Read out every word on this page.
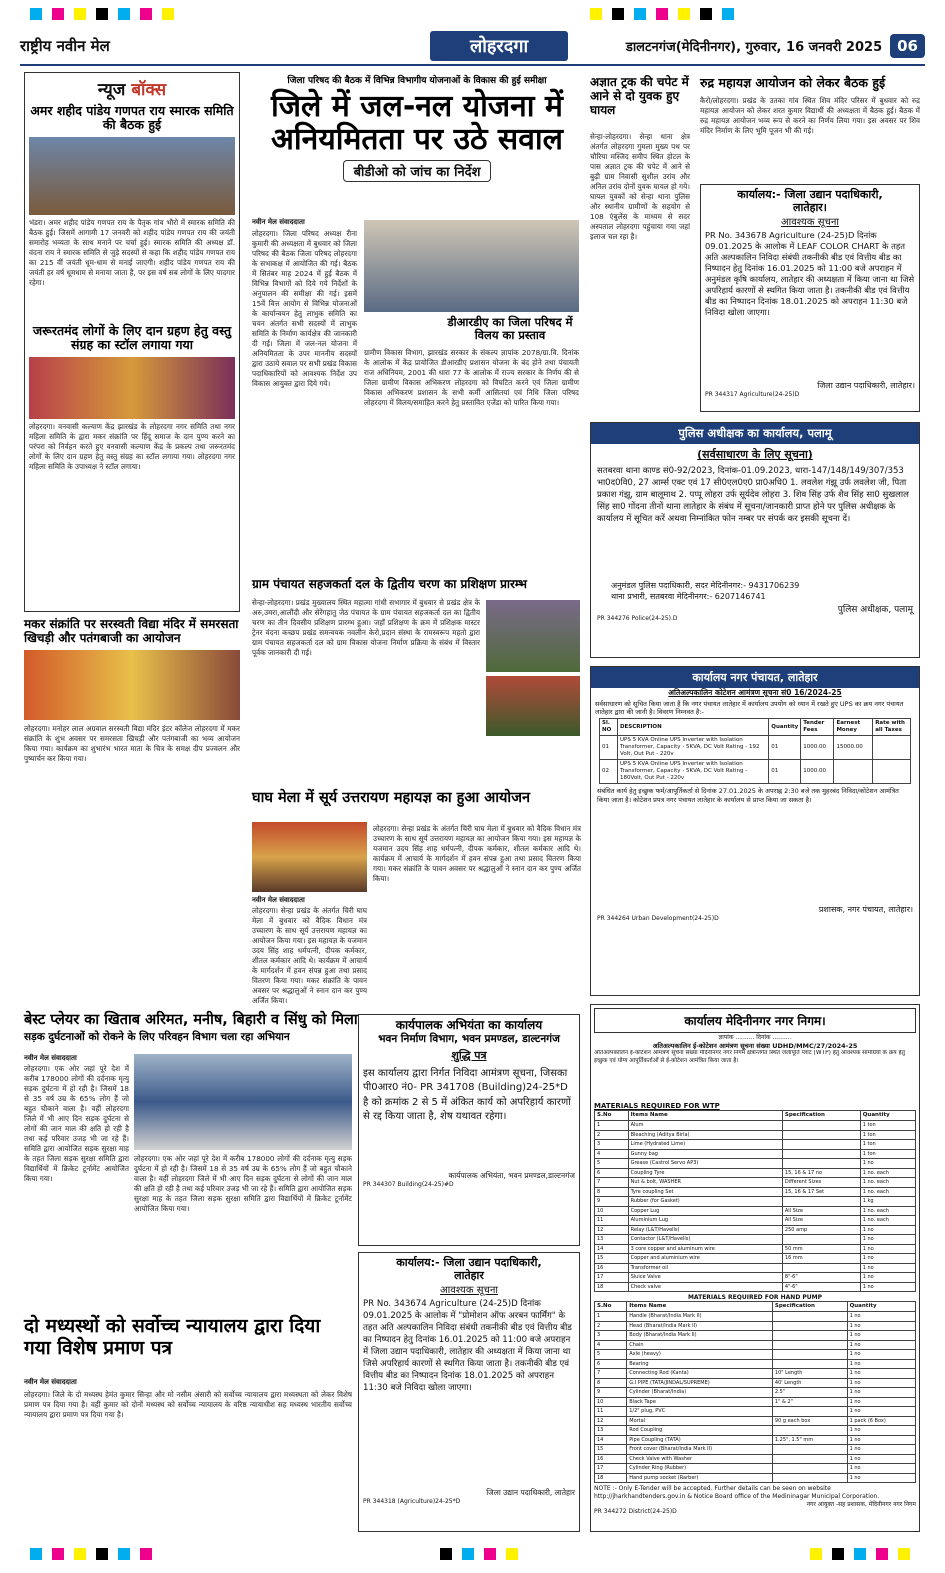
राष्ट्रीय नवीन मेल	लोहरदगा	डालटनगंज(मेदिनीनगर), गुरुवार, 16 जनवरी 2025	06
न्यूज बॉक्स
अमर शहीद पांडेय गणपत राय स्मारक समिति की बैठक हुई
भंडरा। अमर शहीद पांडेय गणपत राय के पैतृक गांव भौरो में स्मारक समिति की बैठक हुई। जिसमें आगामी 17 जनवरी को शहीद पांडेय गणपत राय की जयंती समारोह भव्यता के साथ मनाने पर चर्चा हुई। स्मारक समिति की अध्यक्ष डॉ. वंदना राय ने स्मारक समिति से जुड़े सदस्यों से कहा कि शहीद पांडेय गणपत राय का 215 वीं जयंती धूम-धाम से मनाई जाएगी। शहीद पांडेय गणपत राय की जयंती हर वर्ष धूमधाम से मनाया जाता है, पर इस वर्ष सब लोगों के लिए यादगार रहेगा।
जरूरतमंद लोगों के लिए दान ग्रहण हेतु वस्तु संग्रह का स्टॉल लगाया गया
लोहरदगा। वनवासी कल्याण केंद्र झारखंड के लोहरदगा नगर समिति तथा नगर महिला समिति के द्वारा मकर संक्रांति पर हिंदू समाज के दान पुण्य करने का परंपरा को निर्वहन करते हुए वनवासी कल्याण केंद्र के प्रकल्प तथा जरूरतमंद लोगों के लिए दान ग्रहण हेतु वस्तु संग्रह का स्टॉल लगाया गया। लोहरदगा नगर महिला समिति के उपाध्यक्ष ने स्टॉल लगाया।
मकर संक्रांति पर सरस्वती विद्या मंदिर में समरसता खिचड़ी और पतंगबाजी का आयोजन
लोहरदगा। मनोहर लाल अग्रवाल सरस्वती विद्या मंदिर इंटर कॉलेज लोहरदगा में मकर संक्रांति के शुभ अवसर पर समरसता खिचड़ी और पतंगबाजी का भव्य आयोजन किया गया। कार्यक्रम का शुभारंभ भारत माता के चित्र के समक्ष दीप प्रज्वलन और पुष्पार्चन कर किया गया।
जिला परिषद की बैठक में विभिन्न विभागीय योजनाओं के विकास की हुई समीक्षा
जिले में जल-नल योजना में अनियमितता पर उठे सवाल
बीडीओ को जांच का निर्देश
नवीन मेल संवाददाता
लोहरदगा। जिला परिषद अध्यक्ष रीना कुमारी की अध्यक्षता में बुधवार को जिला परिषद की बैठक जिला परिषद लोहरदगा के सभाकक्ष में आयोजित की गई। बैठक में सितंबर माह 2024 में हुई बैठक में विभिन्न विभागों को दिये गये निर्देशों के अनुपालन की समीक्षा की गई। इसमें 15वें वित्त आयोग से विभिन्न योजनाओं के कार्यान्वयन हेतु लाभुक समिति का चयन अंतर्गत सभी सदस्यों में लाभुक समिति के निर्माण कार्यक्षेत्र की जानकारी दी गई। जिला में जल-नल योजना में अनियमितता के उपर माननीय सदस्यों द्वारा उठाये सवाल पर सभी प्रखंड विकास पदाधिकारियों को आवश्यक निर्देश उप विकास आयुक्त द्वारा दिये गये।
डीआरडीए का जिला परिषद में विलय का प्रस्ताव
ग्रामीण विकास विभाग, झारखंड सरकार के संकल्प ज्ञापांक 2078/ग्रा.वि. दिनांक के आलोक में केंद्र प्रायोजित डीआरडीए प्रशासन योजना के बंद होने तथा पंचायती राज अधिनियम, 2001 की धारा 77 के आलोक में राज्य सरकार के निर्णय की से जिला ग्रामीण विकास अभिकरण लोहरदगा को विघटित करने एवं जिला ग्रामीण विकास अभिकरण प्रशासन के सभी कर्मी आसितयां एवं निधि जिला परिषद लोहरदगा में विलय/समाहित करने हेतु प्रस्तावित एजेंडा को पारित किया गया।
ग्राम पंचायत सहजकर्ता दल के द्वितीय चरण का प्रशिक्षण प्रारम्भ
सेन्हा-लोहरदगा। प्रखंड मुख्यालय स्थित महात्मा गांधी सभागार में बुधवार से प्रखंड क्षेत्र के अरु,उमरा,आलौंदी और सेरेंगहातु जेठ पंचायत के ग्राम पंचायत सहजकर्ता दल का द्वितीय चरण का तीन दिवसीय प्रशिक्षण प्रारम्भ हुआ। जहाँ प्रशिक्षण के क्रम में प्रशिक्षक मास्टर ट्रेनर वंदना कच्छप प्रखंड समन्वयक नवलीन केरो,प्रदान संस्था के रामस्वरूप महतो द्वारा ग्राम पंचायत सहजकर्ता दल को ग्राम विकास योजना निर्माण प्रक्रिया के संबंध में विस्तार पूर्वक जानकारी दी गई।
घाघ मेला में सूर्य उत्तरायण महायज्ञ का हुआ आयोजन
नवीन मेल संवाददाता
लोहरदगा। सेन्हा प्रखंड के अंतर्गत चिरी घाघ मेला में बुधवार को वैदिक विधान मंत्र उच्चारण के साथ सूर्य उत्तरायण महायज्ञ का आयोजन किया गया। इस महायज्ञ के यजमान उदय सिंह शाह धर्मपत्नी, दीपक कर्मकार, शीतल कर्मकार आदि थे। कार्यक्रम में आचार्य के मार्गदर्शन में हवन संपन्न हुआ तथा प्रसाद वितरण किया गया। मकर संक्रांति के पावन अवसर पर श्रद्धालुओं ने स्नान दान कर पुण्य अर्जित किया।
लोहरदगा। सेन्हा प्रखंड के अंतर्गत चिरी घाघ मेला में बुधवार को वैदिक विधान मंत्र उच्चारण के साथ सूर्य उत्तरायण महायज्ञ का आयोजन किया गया। इस महायज्ञ के यजमान उदय सिंह शाह धर्मपत्नी, दीपक कर्मकार, शीतल कर्मकार आदि थे। कार्यक्रम में आचार्य के मार्गदर्शन में हवन संपन्न हुआ तथा प्रसाद वितरण किया गया। मकर संक्रांति के पावन अवसर पर श्रद्धालुओं ने स्नान दान कर पुण्य अर्जित किया।
अज्ञात ट्रक की चपेट में आने से दो युवक हुए घायल
सेन्हा-लोहरदगा। सेन्हा थाना क्षेत्र अंतर्गत लोहरदगा गुमला मुख्य पथ पर चौरिया मस्जिद समीप स्थित होटल के पास अज्ञात ट्रक की चपेट में आने से बुढ़ी ग्राम निवासी सुशील उरांव और अनिल उरांव दोनों युवक घायल हो गये। घायल युवकों को सेन्हा थाना पुलिस और स्थानीय ग्रामीणों के सहयोग से 108 एंबुलेंस के माध्यम से सदर अस्पताल लोहरदगा पहुंचाया गया जहां इलाज चल रहा है।
रुद्र महायज्ञ आयोजन को लेकर बैठक हुई
कैरो/लोहरदगा। प्रखंड के उतका गांव स्थित शिव मंदिर परिसर में बुधवार को रुद्र महायज्ञ आयोजन को लेकर शरत कुमार विद्यार्थी की अध्यक्षता में बैठक हुई। बैठक में रुद्र महायज्ञ आयोजन भव्य रूप से करने का निर्णय लिया गया। इस अवसर पर शिव मंदिर निर्माण के लिए भूमि पूजन भी की गई।
कार्यालय:- जिला उद्यान पदाधिकारी,
लातेहार।
आवश्यक सूचना
PR No. 343678 Agriculture (24-25)D दिनांक 09.01.2025 के आलोक में LEAF COLOR CHART के तहत अति अल्पकालिन निविदा संबंधी तकनीकी बीड एवं वित्तीय बीड का निष्पादन हेतु दिनांक 16.01.2025 को 11:00 बजे अपराहन में अनुमंडल कृषि कार्यालय, लातेहार की अध्यक्षता में किया जाना था जिसे अपरिहार्य कारणों से स्थगित किया जाता है। तकनीकी बीड एवं वित्तीय बीड का निष्पादन दिनांक 18.01.2025 को अपराहन 11:30 बजे निविदा खोला जाएगा।
जिला उद्यान पदाधिकारी, लातेहार।
PR 344317 Agriculture(24-25)D
पुलिस अधीक्षक का कार्यालय, पलामू
(सर्वसाधारण के लिए सूचना)
सतबरवा थाना काण्ड सं0-92/2023, दिनांक-01.09.2023, धारा-147/148/149/307/353 भा0द0वि0, 27 आर्म्स एक्ट एवं 17 सी0एल0ए0 प्रा0अधि0 1. लवलेश गंझू उर्फ लवलेश जी, पिता प्रकाश गंझू, ग्राम बालूमाथ 2. पप्पू लोहरा उर्फ सूर्यदेव लोहरा 3. शिव सिंह उर्फ शैव सिंह सा0 सुखलाल सिंह सा0 गोंदना तीनों थाना लातेहार के संबंध में सूचना/जानकारी प्राप्त होने पर पुलिस अधीक्षक के कार्यालय में सूचित करें अथवा निम्नांकित फोन नम्बर पर संपर्क कर इसकी सूचना दें।
अनुमंडल पुलिस पदाधिकारी, सदर मेदिनीनगर:- 9431706239
थाना प्रभारी, सतबरवा मेदिनीनगर:- 6207146741
पुलिस अधीक्षक, पलामू
PR 344276 Police(24-25).D
कार्यालय नगर पंचायत, लातेहार
अतिअल्पकालिन कोटेशन आमंत्रण सूचना सं0 16/2024-25
सर्वसाधारण को सूचित किया जाता है कि नगर पंचायत लातेहार में कार्यालय उपयोग को ध्यान में रखते हुए UPS का क्रय नगर पंचायत लातेहार द्वारा की जानी है। विवरण निम्नवत है:-
Sl. NO	DESCRIPTION	Quantity	Tender Fees	Earnest Money	Rate with all Taxes
01	UPS 5 KVA Online UPS Inverter with Isolation Transformer, Capacity - 5KVA, DC Volt Rating - 192 Volt, Out Put - 220v	01	1000.00	15000.00	
02	UPS 5 KVA Online UPS Inverter with Isolation Transformer, Capacity - 5KVA, DC Volt Rating - 180Volt, Out Put - 220v	01	1000.00		
संबंधित कार्य हेतु इच्छुक फर्म/आपूर्तिकर्ता से दिनांक 27.01.2025 के अपराह्न 2:30 बजे तक मुहरबंद निविदा/कोटेशन आमंत्रित किया जाता है। कोटेशन प्रपत्र नगर पंचायत लातेहार के कार्यालय से प्राप्त किया जा सकता है।
प्रशासक, नगर पंचायत, लातेहार।
PR 344264 Urban Development(24-25)D
कार्यालय मेदिनीनगर नगर निगम।
ज्ञापांक .......... दिनांक ..........
अतिअल्पकालिन ई-कोटेशन आमंत्रण सूचना संख्या UDHD/MMC/27/2024-25
अतिअल्पकालिन ई-कोटेशन आमंत्रण सूचना संख्या मेदिनीनगर नगर निगम क्षेत्रान्तर्गत स्थित जलापूर्ति प्लांट (WTP) हेतु आवश्यक सामग्रियों के क्रय हेतु इच्छुक एवं योग्य आपूर्तिकर्ताओं से ई-कोटेशन आमंत्रित किया जाता है।
MATERIALS REQUIRED FOR WTP
S.No	Items Name	Specification	Quantity
1	Alum		1 ton
2	Bleaching (Aditya Birla)		1 ton
3	Lime (Hydrated Lime)		1 ton
4	Gunny bag		1 ton
5	Grease (Castrol Servo AP3)		1 no
6	Coupling Tyre	15, 16 & 17 no	1 no. each
7	Nut & bolt, WASHER	Different Sizes	1 no. each
8	Tyre coupling Set	15, 16 & 17 Set	1 no. each
9	Rubber (for Gasket)		1 kg
10	Copper Lug	All Size	1 no. each
11	Aluminium Lug	All Size	1 no. each
12	Relay (L&T/Havells)	250 amp	1 no
13	Contactor (L&T/Havells)		1 no
14	3 core copper and aluminum wire	50 mm	1 no
15	Copper and aluminium wire	16 mm	1 no
16	Transformer oil		1 no
17	Sluice Valve	8"-6"	1 no
18	Check valve	4"-6"	1 no
MATERIALS REQUIRED FOR HAND PUMP
S.No	Items Name	Specification	Quantity
1	Handle (Bharat/India Mark II)		1 no
2	Head (Bharat/India Mark II)		1 no
3	Body (Bharat/India Mark II)		1 no
4	Chain		1 no
5	Axle (heavy)		1 no
6	Bearing		1 no
7	Connecting Rod (Kanta)	10" Length	1 no
8	G.I PIPE (TATA/JINDAL/SUPREME)	40' Length	1 no
9	Cylinder (Bharat/India)	2.5"	1 no
10	Black Tape	1" & 2"	1 no
11	1/2" plug, PVC		1 no
12	Mortal	90 g each box	1 pack (6 Box)
13	Rod Coupling		1 no
14	Pipe Coupling (TATA)	1.25", 1.5" mm	1 no
15	Front cover (Bharat/India Mark II)		1 no
16	Check Valve with Washer		1 no
17	Cylinder Ring (Rubber)		1 no
18	Hand pump socket (Rarber)		1 no
NOTE :- Only E-Tender will be accepted. Further details can be seen on website http://jharkhandtenders.gov.in & Notice Board office of the Medininagar Municipal Corporation.
नगर आयुक्त -सह प्रशासक, मेदिनीनगर नगर निगम
PR 344272 District(24-25)D
बेस्ट प्लेयर का खिताब अरिमत, मनीष, बिहारी व सिंधु को मिला
सड़क दुर्घटनाओं को रोकने के लिए परिवहन विभाग चला रहा अभियान
नवीन मेल संवाददाता
लोहरदगा। एक ओर जहां पूरे देश में करीब 178000 लोगों की दर्दनाक मृत्यु सड़क दुर्घटना में हो रही है। जिसमें 18 से 35 वर्ष उम्र के 65% लोग हैं जो बहुत चौकाने वाला है। वहीं लोहरदगा जिले में भी आए दिन सड़क दुर्घटना से लोगों की जान माल की क्षति हो रही है तथा कई परिवार उजड़ भी जा रहे हैं। समिति द्वारा आयोजित सड़क सुरक्षा माह के तहत जिला सड़क सुरक्षा समिति द्वारा विद्यार्थियों में क्रिकेट टूर्नामेंट आयोजित किया गया।
लोहरदगा। एक ओर जहां पूरे देश में करीब 178000 लोगों की दर्दनाक मृत्यु सड़क दुर्घटना में हो रही है। जिसमें 18 से 35 वर्ष उम्र के 65% लोग हैं जो बहुत चौकाने वाला है। वहीं लोहरदगा जिले में भी आए दिन सड़क दुर्घटना से लोगों की जान माल की क्षति हो रही है तथा कई परिवार उजड़ भी जा रहे हैं। समिति द्वारा आयोजित सड़क सुरक्षा माह के तहत जिला सड़क सुरक्षा समिति द्वारा विद्यार्थियों में क्रिकेट टूर्नामेंट आयोजित किया गया।
दो मध्यस्थों को सर्वोच्च न्यायालय द्वारा दिया गया विशेष प्रमाण पत्र
नवीन मेल संवाददाता
लोहरदगा। जिले के दो मध्यस्थ हेमंत कुमार सिन्हा और मो नसीम अंसारी को सर्वोच्च न्यायालय द्वारा मध्यस्थता को लेकर विशेष प्रमाण पत्र दिया गया है। वहीं कुमार को दोनों मध्यस्थ को सर्वोच्च न्यायालय के वरिष्ठ न्यायाधीश सह मध्यस्थ भारतीय सर्वोच्च न्यायालय द्वारा प्रमाण पत्र दिया गया है।
कार्यपालक अभियंता का कार्यालय
भवन निर्माण विभाग, भवन प्रमण्डल, डाल्टनगंज
शुद्धि पत्र
इस कार्यालय द्वारा निर्गत निविदा आमंत्रण सूचना, जिसका पी0आर0 नं0- PR 341708 (Building)24-25*D है को क्रमांक 2 से 5 में अंकित कार्य को अपरिहार्य कारणों से रद्द किया जाता है, शेष यथावत रहेगा।
कार्यपालक अभियंता, भवन प्रमण्डल,डाल्टनगंज
PR 344307 Building(24-25)#D
कार्यालय:- जिला उद्यान पदाधिकारी,
लातेहार
आवश्यक सूचना
PR No. 343674 Agriculture (24-25)D दिनांक 09.01.2025 के आलोक में "प्रोमोशन ऑफ अरबन फार्मिंग" के तहत अति अल्पकालिन निविदा संबंधी तकनीकी बीड एवं वित्तीय बीड का निष्पादन हेतु दिनांक 16.01.2025 को 11:00 बजे अपराहन में जिला उद्यान पदाधिकारी, लातेहार की अध्यक्षता में किया जाना था जिसे अपरिहार्य कारणों से स्थगित किया जाता है। तकनीकी बीड एवं वित्तीय बीड का निष्पादन दिनांक 18.01.2025 को अपराहन 11:30 बजे निविदा खोला जाएगा।
जिला उद्यान पदाधिकारी, लातेहार
PR 344318 (Agriculture)24-25*D
